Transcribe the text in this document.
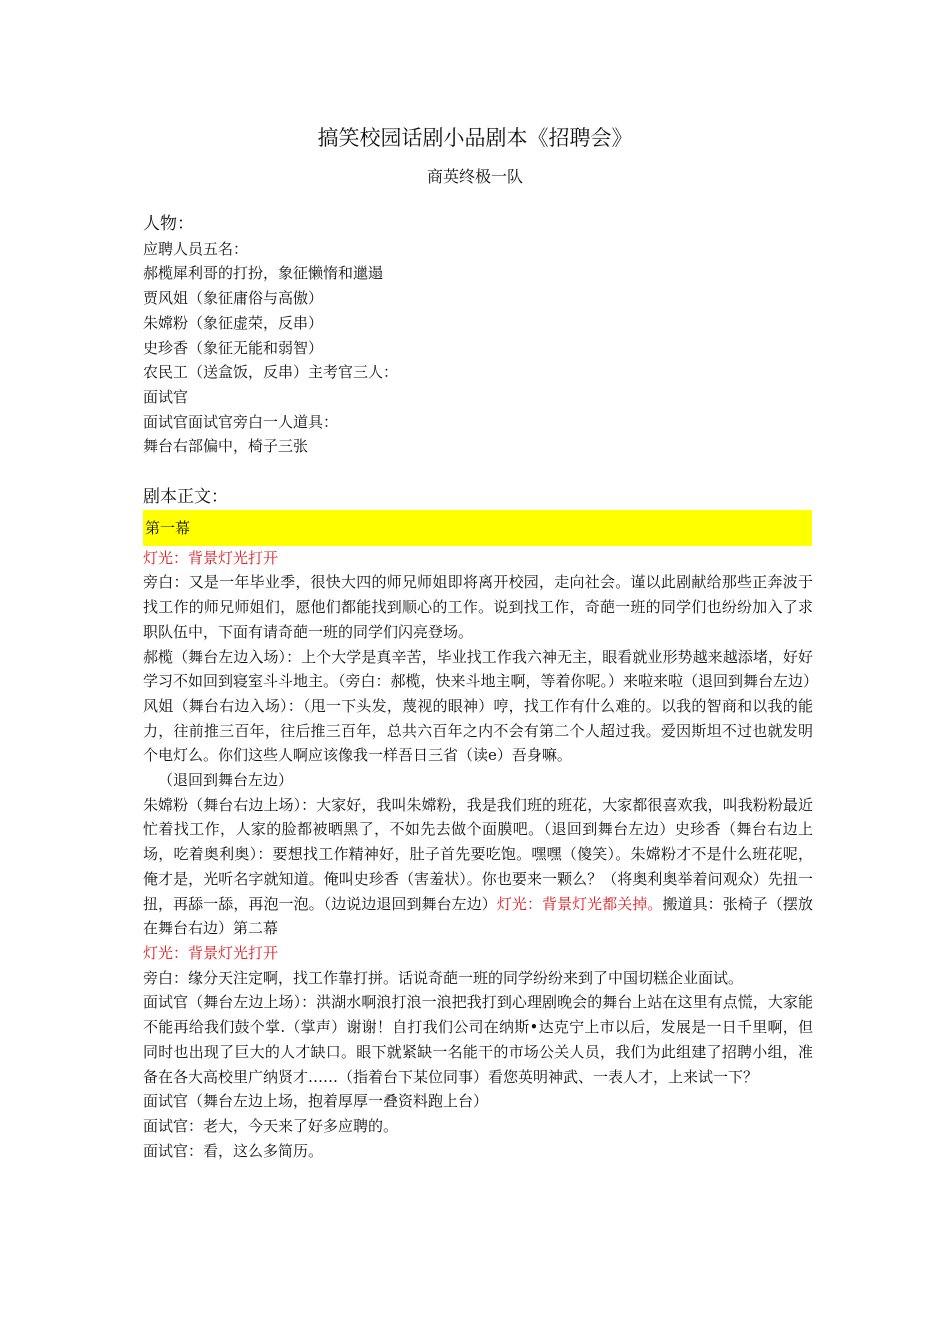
搞笑校园话剧小品剧本《招聘会》
商英终极一队

人物：

应聘人员五名：

郝榄犀利哥的打扮，象征懒惰和邋遢

贾风姐（象征庸俗与高傲）

朱嫦粉（象征虚荣，反串）

史珍香（象征无能和弱智）

农民工（送盒饭，反串）主考官三人：

面试官

面试官面试官旁白一人道具：

舞台右部偏中，椅子三张

剧本正文：

第一幕

灯光：背景灯光打开

旁白：又是一年毕业季，很快大四的师兄师姐即将离开校园，走向社会。谨以此剧献给那些正奔波于找工作的师兄师姐们，愿他们都能找到顺心的工作。说到找工作，奇葩一班的同学们也纷纷加入了求职队伍中，下面有请奇葩一班的同学们闪亮登场。

郝榄（舞台左边入场）：上个大学是真辛苦，毕业找工作我六神无主，眼看就业形势越来越添堵，好好学习不如回到寝室斗斗地主。（旁白：郝榄，快来斗地主啊，等着你呢。）来啦来啦（退回到舞台左边）

风姐（舞台右边入场）：（甩一下头发，蔑视的眼神）哼，找工作有什么难的。以我的智商和以我的能力，往前推三百年，往后推三百年，总共六百年之内不会有第二个人超过我。爱因斯坦不过也就发明个电灯么。你们这些人啊应该像我一样吾日三省（读e）吾身嘛。

（退回到舞台左边）

朱嫦粉（舞台右边上场）：大家好，我叫朱嫦粉，我是我们班的班花，大家都很喜欢我，叫我粉粉最近忙着找工作，人家的脸都被晒黑了，不如先去做个面膜吧。（退回到舞台左边）史珍香（舞台右边上场，吃着奥利奥）：要想找工作精神好，肚子首先要吃饱。嘿嘿（傻笑）。朱嫦粉才不是什么班花呢，俺才是，光听名字就知道。俺叫史珍香（害羞状）。你也要来一颗么？（将奥利奥举着问观众）先扭一扭，再舔一舔，再泡一泡。（边说边退回到舞台左边）灯光：背景灯光都关掉。搬道具：张椅子（摆放在舞台右边）第二幕

灯光：背景灯光打开

旁白：缘分天注定啊，找工作靠打拼。话说奇葩一班的同学纷纷来到了中国切糕企业面试。

面试官（舞台左边上场）：洪湖水啊浪打浪一浪把我打到心理剧晚会的舞台上站在这里有点慌，大家能不能再给我们鼓个掌.（掌声）谢谢！自打我们公司在纳斯•达克宁上市以后，发展是一日千里啊，但同时也出现了巨大的人才缺口。眼下就紧缺一名能干的市场公关人员，我们为此组建了招聘小组，准备在各大高校里广纳贤才……（指着台下某位同事）看您英明神武、一表人才，上来试一下？

面试官（舞台左边上场，抱着厚厚一叠资料跑上台）

面试官：老大，今天来了好多应聘的。

面试官：看，这么多简历。
